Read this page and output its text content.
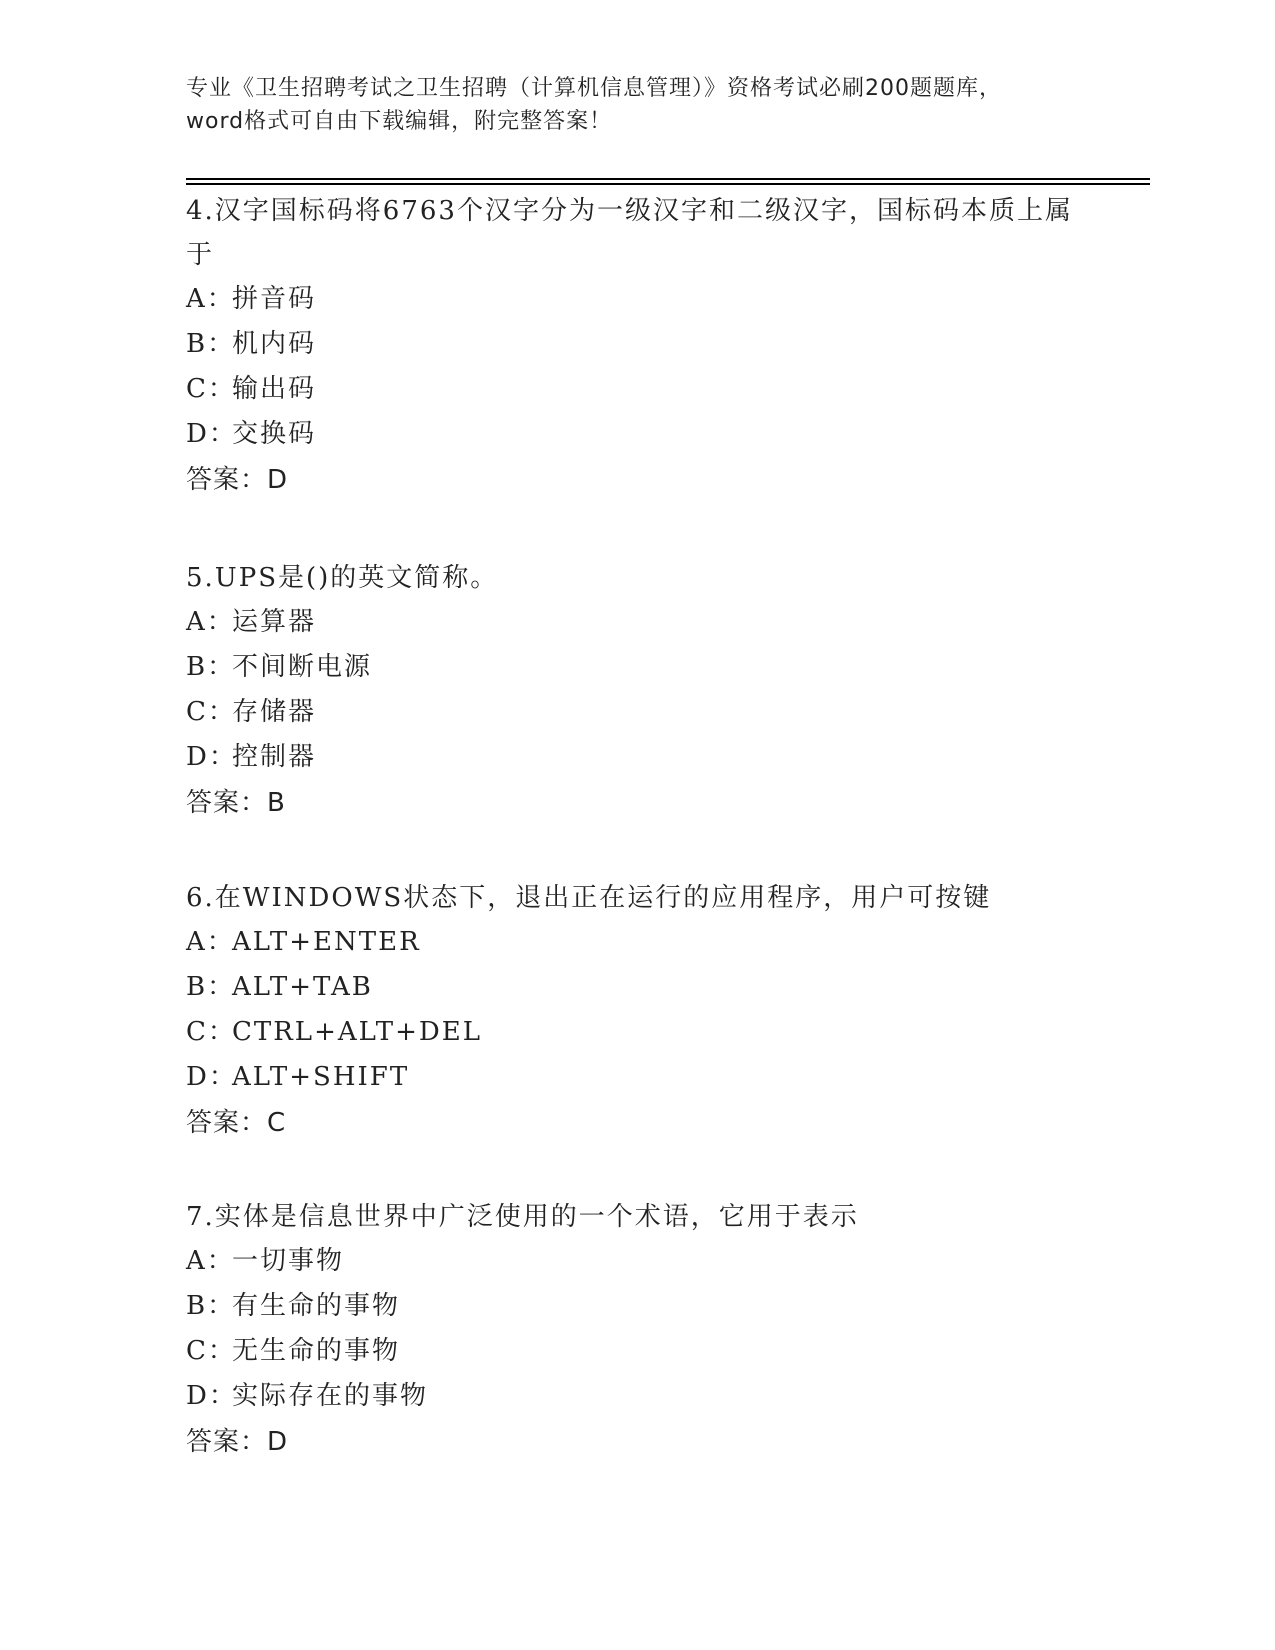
专业《卫生招聘考试之卫生招聘（计算机信息管理）》资格考试必刷200题题库，
word格式可自由下载编辑，附完整答案！
4.汉字国标码将6763个汉字分为一级汉字和二级汉字，国标码本质上属于
A：拼音码
B：机内码
C：输出码
D：交换码
答案：D
5.UPS是()的英文简称。
A：运算器
B：不间断电源
C：存储器
D：控制器
答案：B
6.在WINDOWS状态下，退出正在运行的应用程序，用户可按键
A：ALT+ENTER
B：ALT+TAB
C：CTRL+ALT+DEL
D：ALT+SHIFT
答案：C
7.实体是信息世界中广泛使用的一个术语，它用于表示
A：一切事物
B：有生命的事物
C：无生命的事物
D：实际存在的事物
答案：D
